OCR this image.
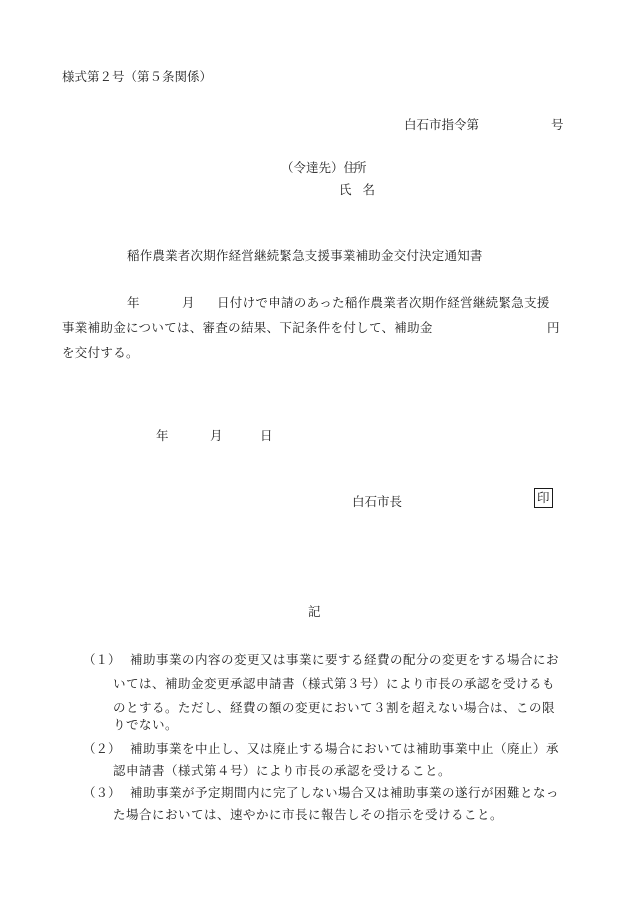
様式第２号（第５条関係）
白石市指令第	号
（令達先）住
所
氏名
稲作農業者次期作経営継続緊急支援事業補助金交付決定通知書
年	月 日付けで申請のあった稲作農業者次期作経営継続緊急支援
事業補助金については、審査の結果、下記条件を付して、補助金	円
を交付する。
年	月	日
白石市長	印
記
（１） 補助事業の内容の変更又は事業に要する経費の配分の変更をする場合にお
いては、補助金変更承認申請書（様式第３号）により市長の承認を受けるも
のとする。ただし、経費の額の変更において３割を超えない場合は、この限
りでない。
（２） 補助事業を中止し、又は廃止する場合においては補助事業中止（廃止）承
認申請書（様式第４号）により市長の承認を受けること。
（３） 補助事業が予定期間内に完了しない場合又は補助事業の遂行が困難となっ
た場合においては、速やかに市長に報告しその指示を受けること。
